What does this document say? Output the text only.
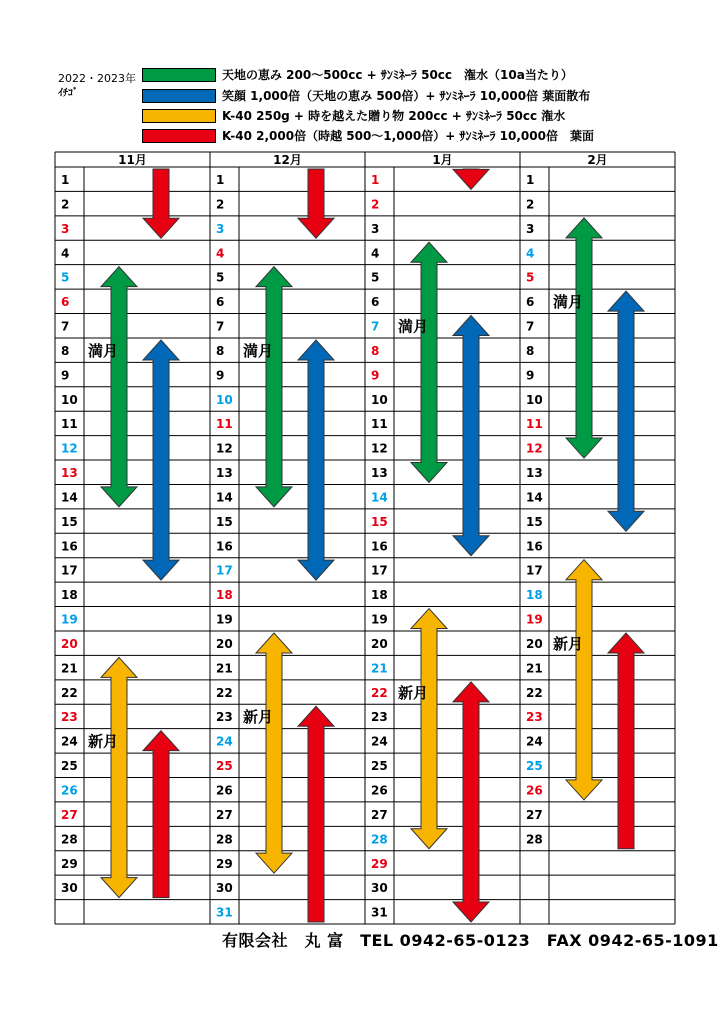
2022・2023年
ｲﾁｺﾞ
天地の恵み 200～500cc + ｻﾝﾐﾈｰﾗ 50cc　潅水（10a当たり）
笑顔 1,000倍（天地の恵み 500倍）+ ｻﾝﾐﾈｰﾗ 10,000倍 葉面散布
K-40 250g + 時を越えた贈り物 200cc + ｻﾝﾐﾈｰﾗ 50cc 潅水
K-40 2,000倍（時越 500～1,000倍）+ ｻﾝﾐﾈｰﾗ 10,000倍　葉面
11月
1
2
3
4
5
6
7
8
9
10
11
12
13
14
15
16
17
18
19
20
21
22
23
24
25
26
27
28
29
30
満月
新月
12月
1
2
3
4
5
6
7
8
9
10
11
12
13
14
15
16
17
18
19
20
21
22
23
24
25
26
27
28
29
30
31
満月
新月
1月
1
2
3
4
5
6
7
8
9
10
11
12
13
14
15
16
17
18
19
20
21
22
23
24
25
26
27
28
29
30
31
満月
新月
2月
1
2
3
4
5
6
7
8
9
10
11
12
13
14
15
16
17
18
19
20
21
22
23
24
25
26
27
28
満月
新月
有限会社　丸 富　TEL 0942-65-0123　FAX 0942-65-1091
